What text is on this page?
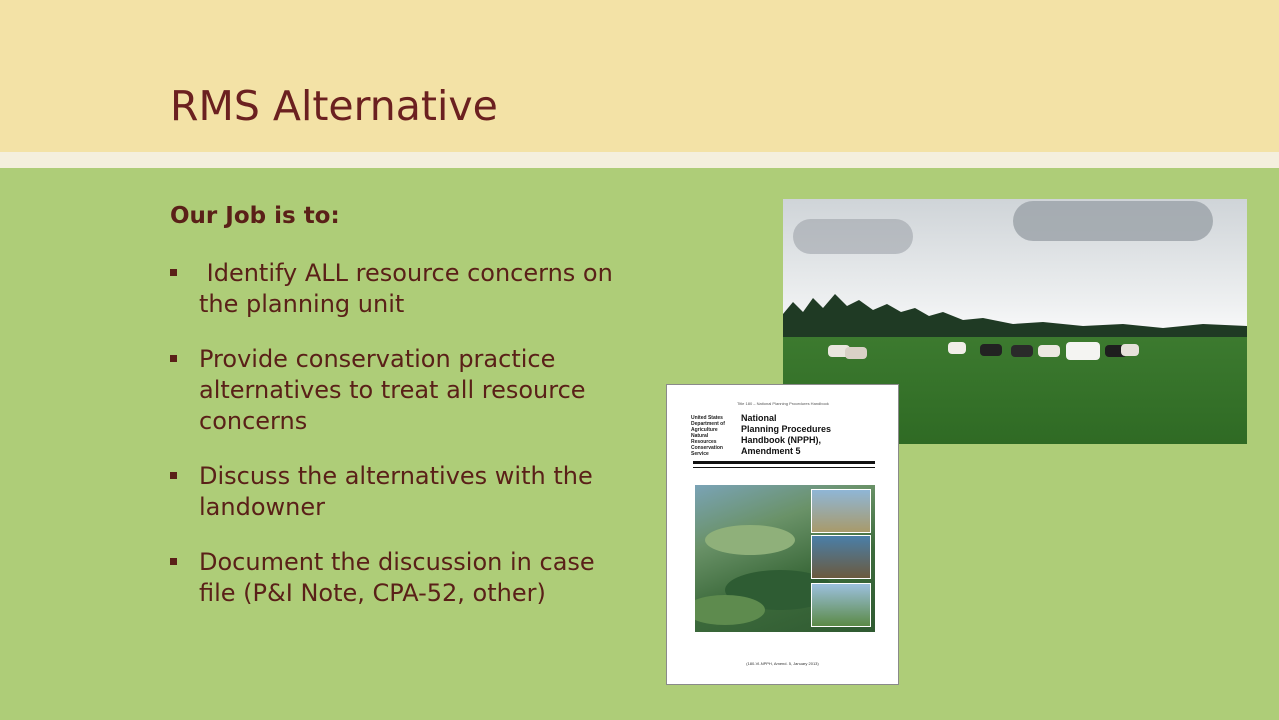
RMS Alternative
Our Job is to:
Identify ALL resource concerns on the planning unit
Provide conservation practice alternatives to treat all resource concerns
Discuss the alternatives with the landowner
Document the discussion in case file (P&I Note, CPA-52, other)
Title 180 – National Planning Procedures Handbook
United States
Department of
Agriculture
Natural
Resources
Conservation
Service
National
Planning Procedures
Handbook (NPPH),
Amendment 5
(180-VI-NPPH, Amend. 5, January 2013)
